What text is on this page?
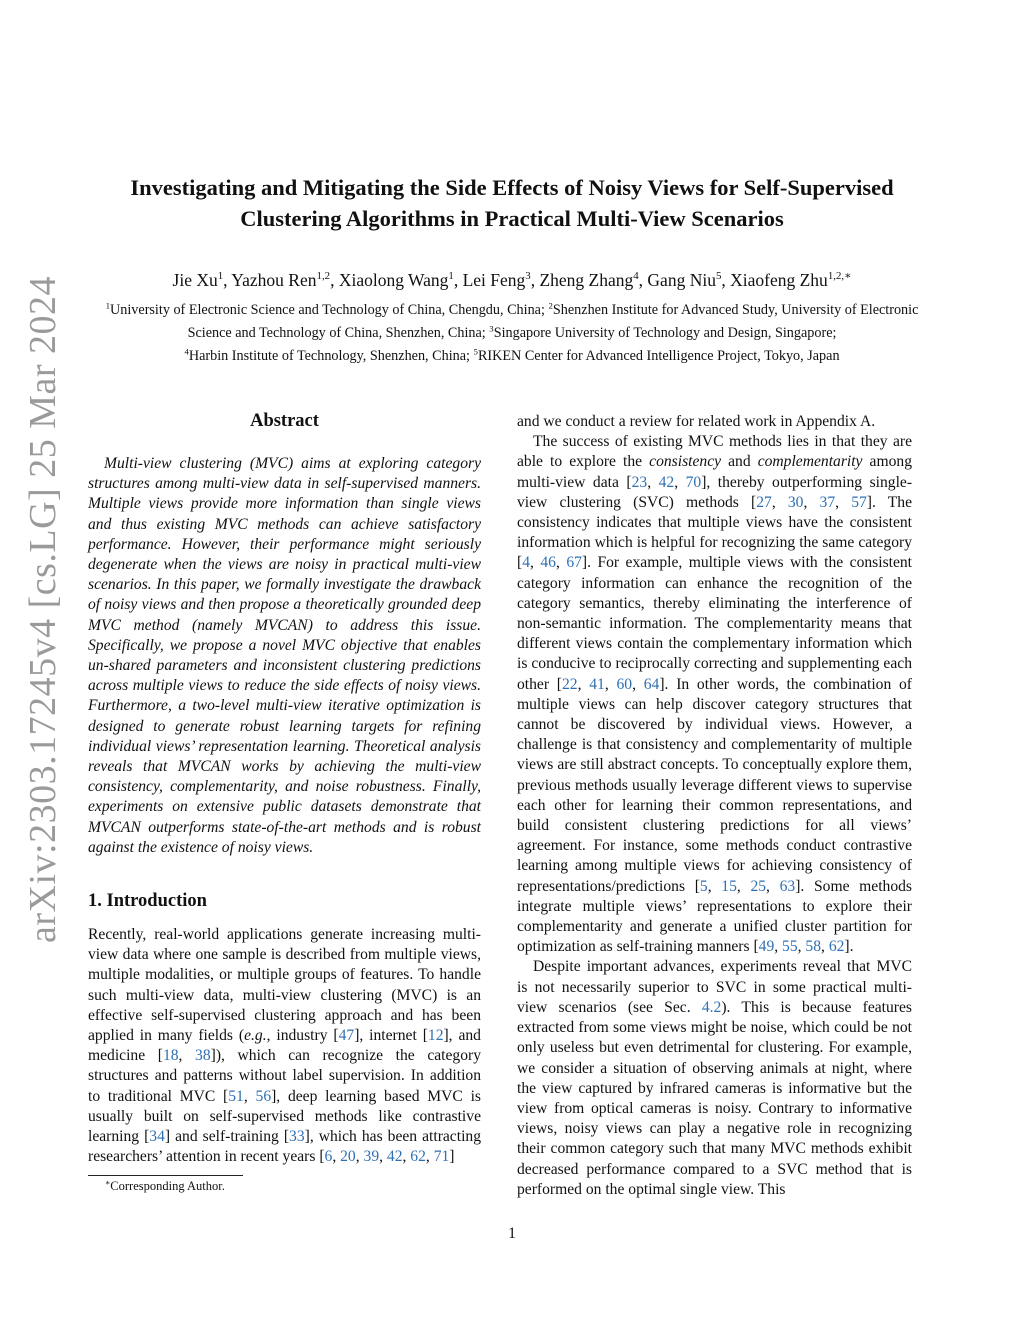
arXiv:2303.17245v4 [cs.LG] 25 Mar 2024
Investigating and Mitigating the Side Effects of Noisy Views for Self-Supervised
Clustering Algorithms in Practical Multi-View Scenarios
Jie Xu$^1$, Yazhou Ren$^{1,2}$, Xiaolong Wang$^1$, Lei Feng$^3$, Zheng Zhang$^4$, Gang Niu$^5$, Xiaofeng Zhu$^{1,2,∗}$
$^1$University of Electronic Science and Technology of China, Chengdu, China; $^2$Shenzhen Institute for Advanced Study, University of Electronic Science and Technology of China, Shenzhen, China; $^3$Singapore University of Technology and Design, Singapore;
$^4$Harbin Institute of Technology, Shenzhen, China; $^5$RIKEN Center for Advanced Intelligence Project, Tokyo, Japan
Abstract

Multi-view clustering (MVC) aims at exploring category structures among multi-view data in self-supervised manners. Multiple views provide more information than single views and thus existing MVC methods can achieve satisfactory performance. However, their performance might seriously degenerate when the views are noisy in practical multi-view scenarios. In this paper, we formally investigate the drawback of noisy views and then propose a theoretically grounded deep MVC method (namely MVCAN) to address this issue. Specifically, we propose a novel MVC objective that enables un-shared parameters and inconsistent clustering predictions across multiple views to reduce the side effects of noisy views. Furthermore, a two-level multi-view iterative optimization is designed to generate robust learning targets for refining individual views’ representation learning. Theoretical analysis reveals that MVCAN works by achieving the multi-view consistency, complementarity, and noise robustness. Finally, experiments on extensive public datasets demonstrate that MVCAN outperforms state-of-the-art methods and is robust against the existence of noisy views.

1. Introduction

Recently, real-world applications generate increasing multi-view data where one sample is described from multiple views, multiple modalities, or multiple groups of features. To handle such multi-view data, multi-view clustering (MVC) is an effective self-supervised clustering approach and has been applied in many fields (e.g., industry [47], internet [12], and medicine [18, 38]), which can recognize the category structures and patterns without label supervision. In addition to traditional MVC [51, 56], deep learning based MVC is usually built on self-supervised methods like contrastive learning [34] and self-training [33], which has been attracting researchers’ attention in recent years [6, 20, 39, 42, 62, 71]

∗Corresponding Author.

and we conduct a review for related work in Appendix A.

The success of existing MVC methods lies in that they are able to explore the consistency and complementarity among multi-view data [23, 42, 70], thereby outperforming single-view clustering (SVC) methods [27, 30, 37, 57]. The consistency indicates that multiple views have the consistent information which is helpful for recognizing the same category [4, 46, 67]. For example, multiple views with the consistent category information can enhance the recognition of the category semantics, thereby eliminating the interference of non-semantic information. The complementarity means that different views contain the complementary information which is conducive to reciprocally correcting and supplementing each other [22, 41, 60, 64]. In other words, the combination of multiple views can help discover category structures that cannot be discovered by individual views. However, a challenge is that consistency and complementarity of multiple views are still abstract concepts. To conceptually explore them, previous methods usually leverage different views to supervise each other for learning their common representations, and build consistent clustering predictions for all views’ agreement. For instance, some methods conduct contrastive learning among multiple views for achieving consistency of representations/predictions [5, 15, 25, 63]. Some methods integrate multiple views’ representations to explore their complementarity and generate a unified cluster partition for optimization as self-training manners [49, 55, 58, 62].

Despite important advances, experiments reveal that MVC is not necessarily superior to SVC in some practical multi-view scenarios (see Sec. 4.2). This is because features extracted from some views might be noise, which could be not only useless but even detrimental for clustering. For example, we consider a situation of observing animals at night, where the view captured by infrared cameras is informative but the view from optical cameras is noisy. Contrary to informative views, noisy views can play a negative role in recognizing their common category such that many MVC methods exhibit decreased performance compared to a SVC method that is performed on the optimal single view. This

1
